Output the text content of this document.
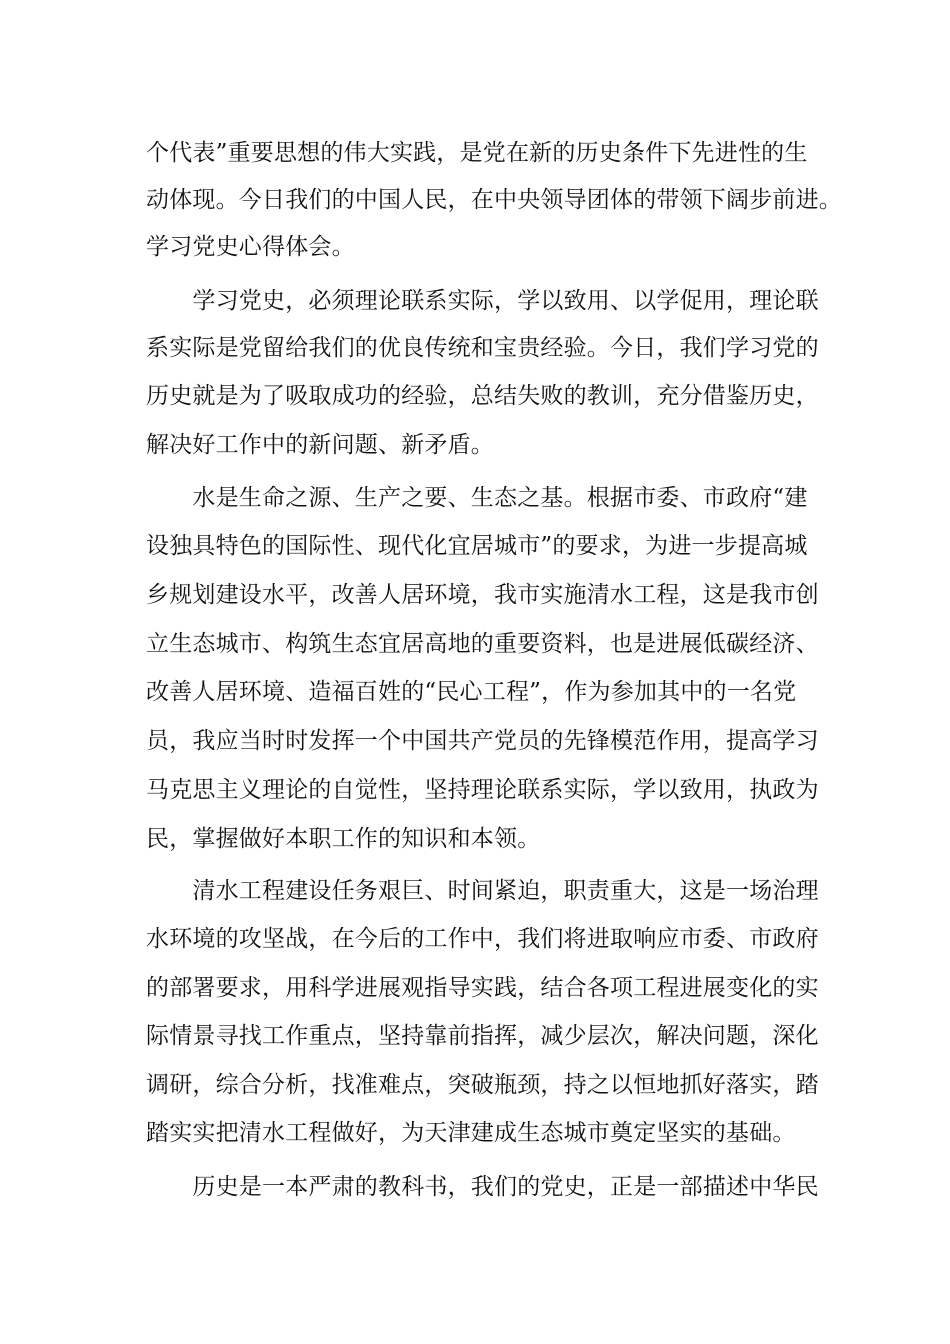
个代表”重要思想的伟大实践，是党在新的历史条件下先进性的生
动体现。今日我们的中国人民，在中央领导团体的带领下阔步前进。
学习党史心得体会。
　　学习党史，必须理论联系实际，学以致用、以学促用，理论联
系实际是党留给我们的优良传统和宝贵经验。今日，我们学习党的
历史就是为了吸取成功的经验，总结失败的教训，充分借鉴历史，
解决好工作中的新问题、新矛盾。
　　水是生命之源、生产之要、生态之基。根据市委、市政府“建
设独具特色的国际性、现代化宜居城市”的要求，为进一步提高城
乡规划建设水平，改善人居环境，我市实施清水工程，这是我市创
立生态城市、构筑生态宜居高地的重要资料，也是进展低碳经济、
改善人居环境、造福百姓的“民心工程”，作为参加其中的一名党
员，我应当时时发挥一个中国共产党员的先锋模范作用，提高学习
马克思主义理论的自觉性，坚持理论联系实际，学以致用，执政为
民，掌握做好本职工作的知识和本领。
　　清水工程建设任务艰巨、时间紧迫，职责重大，这是一场治理
水环境的攻坚战，在今后的工作中，我们将进取响应市委、市政府
的部署要求，用科学进展观指导实践，结合各项工程进展变化的实
际情景寻找工作重点，坚持靠前指挥，减少层次，解决问题，深化
调研，综合分析，找准难点，突破瓶颈，持之以恒地抓好落实，踏
踏实实把清水工程做好，为天津建成生态城市奠定坚实的基础。
　　历史是一本严肃的教科书，我们的党史，正是一部描述中华民
